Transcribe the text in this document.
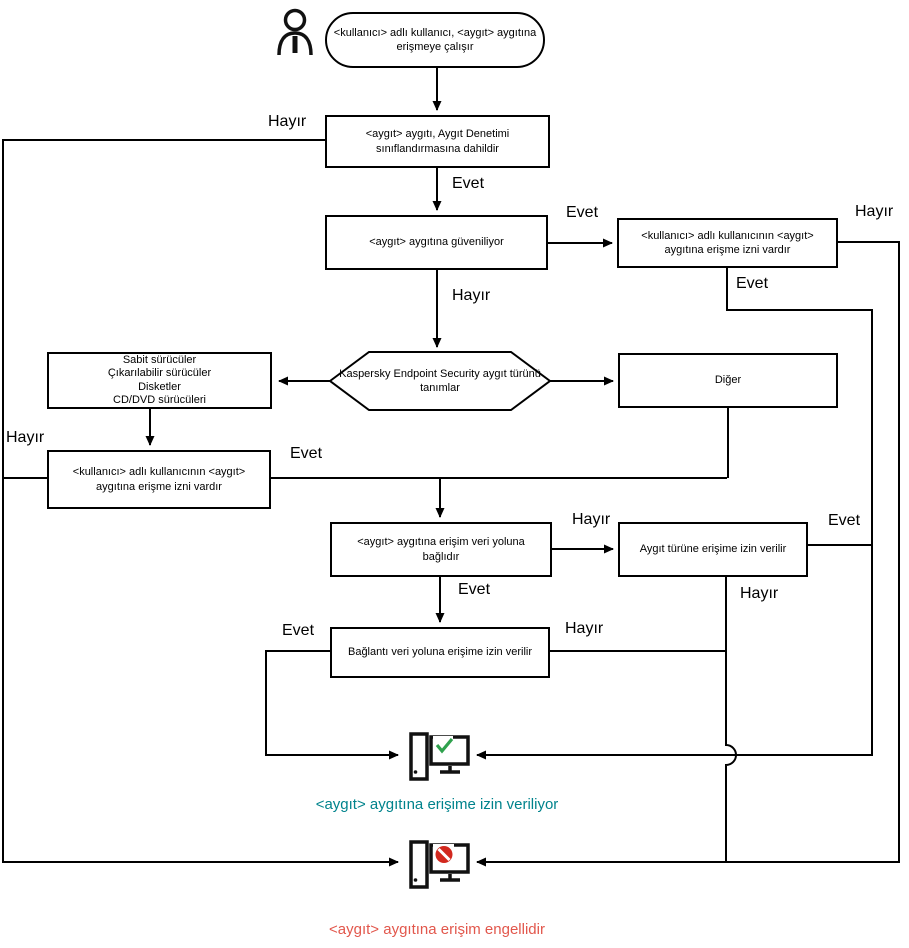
<kullanıcı> adlı kullanıcı, <aygıt> aygıtına erişmeye çalışır
<aygıt> aygıtı, Aygıt Denetimi sınıflandırmasına dahildir
<aygıt> aygıtına güveniliyor
<kullanıcı> adlı kullanıcının <aygıt> aygıtına erişme izni vardır
Kaspersky Endpoint Security aygıt türünü tanımlar
Sabit sürücüler
Çıkarılabilir sürücüler
Disketler
CD/DVD sürücüleri
Diğer
<kullanıcı> adlı kullanıcının <aygıt> aygıtına erişme izni vardır
<aygıt> aygıtına erişim veri yoluna bağlıdır
Aygıt türüne erişime izin verilir
Bağlantı veri yoluna erişime izin verilir
Hayır
Evet
Evet	Hayır
Evet
Hayır
Hayır
Evet
Hayır	Evet
Evet	Hayır
Evet	Hayır
<aygıt> aygıtına erişime izin veriliyor
<aygıt> aygıtına erişim engellidir
